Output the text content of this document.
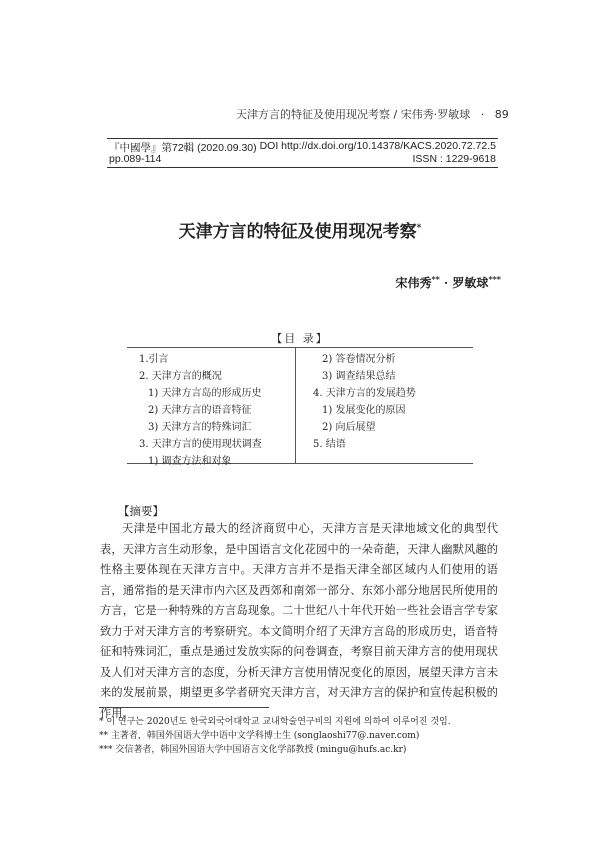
天津方言的特征及使用现况考察 / 宋伟秀·罗敏球 · 89
『中國學』第72輯 (2020.09.30) DOI http://dx.doi.org/10.14378/KACS.2020.72.72.5
pp.089-114	ISSN : 1229-9618
天津方言的特征及使用现况考察*
宋伟秀** · 罗敏球***
【目 录】
1.引言
2. 天津方言的概况
1) 天津方言岛的形成历史
2) 天津方言的语音特征
3) 天津方言的特殊词汇
3. 天津方言的使用现状调查
1) 调查方法和对象
2) 答卷情况分析
3) 调查结果总结
4. 天津方言的发展趋势
1) 发展变化的原因
2) 向后展望
5. 结语
【摘要】

天津是中国北方最大的经济商贸中心，天津方言是天津地域文化的典型代表，天津方言生动形象，是中国语言文化花园中的一朵奇葩，天津人幽默风趣的性格主要体现在天津方言中。天津方言并不是指天津全部区域内人们使用的语言，通常指的是天津市内六区及西郊和南郊一部分、东郊小部分地居民所使用的方言，它是一种特殊的方言岛现象。二十世纪八十年代开始一些社会语言学专家致力于对天津方言的考察研究。本文简明介绍了天津方言岛的形成历史，语音特征和特殊词汇，重点是通过发放实际的问卷调查，考察目前天津方言的使用现状及人们对天津方言的态度，分析天津方言使用情况变化的原因，展望天津方言未来的发展前景，期望更多学者研究天津方言，对天津方言的保护和宣传起积极的作用。

* 이 연구는 2020년도 한국외국어대학교 교내학술연구비의 지원에 의하여 이루어진 것임.
** 主著者，韩国外国语大学中语中文学科博士生 (songlaoshi77@.naver.com)
*** 交信著者，韩国外国语大学中国语言文化学部教授 (mingu@hufs.ac.kr)
